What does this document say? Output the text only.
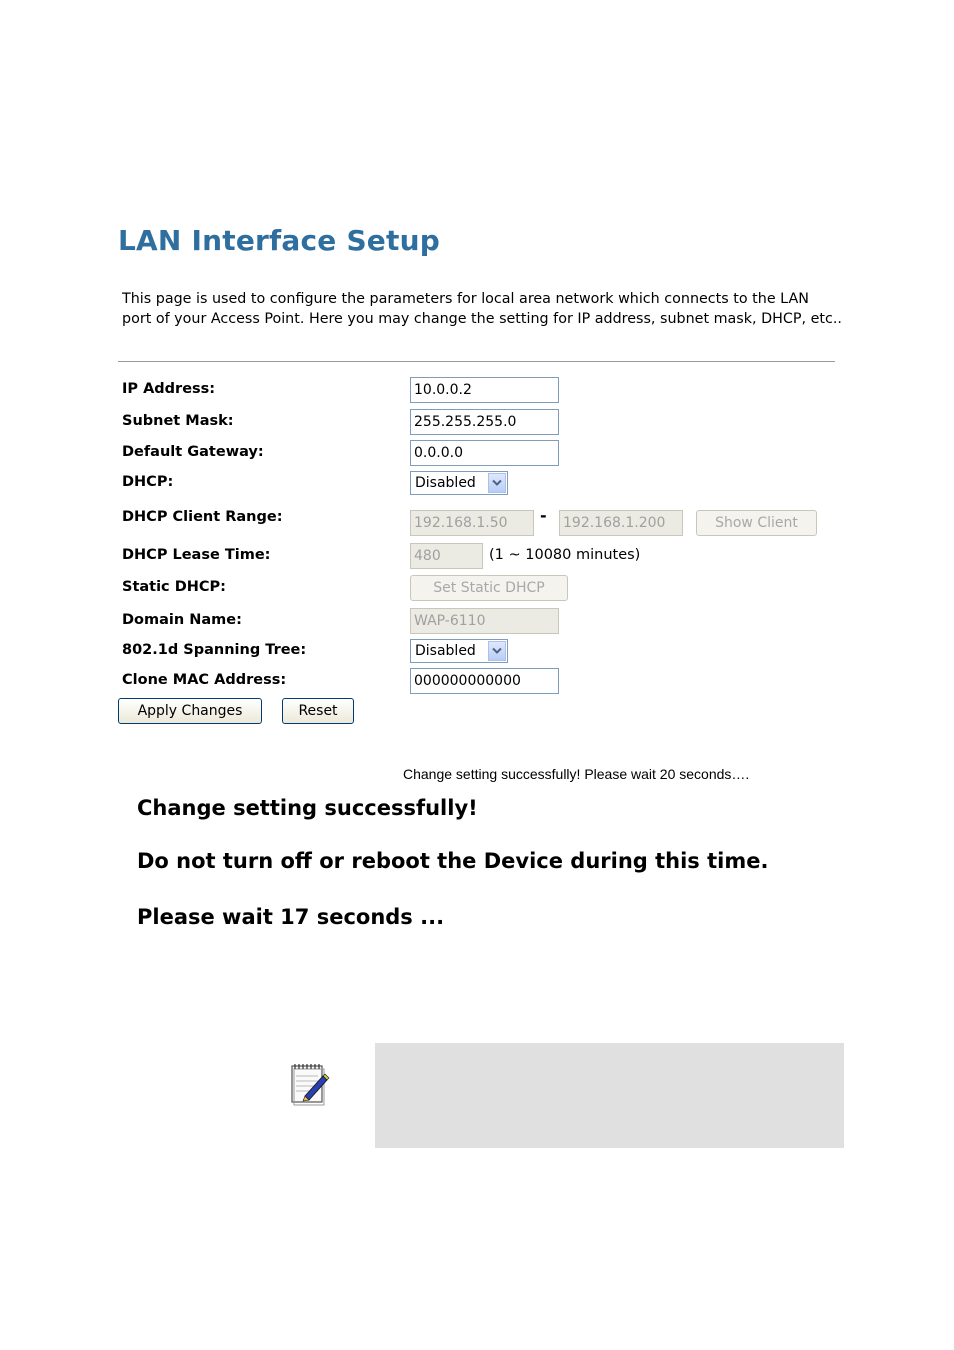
LAN Interface Setup
This page is used to configure the parameters for local area network which connects to the LAN port of your Access Point. Here you may change the setting for IP address, subnet mask, DHCP, etc..
IP Address:	10.0.0.2
Subnet Mask:	255.255.255.0
Default Gateway:	0.0.0.0
DHCP:	Disabled
DHCP Client Range:	192.168.1.50	- 192.168.1.200	Show Client
DHCP Lease Time:	480	(1 ~ 10080 minutes)
Static DHCP:	Set Static DHCP
Domain Name:	WAP-6110
802.1d Spanning Tree:	Disabled
Clone MAC Address:	000000000000
Apply Changes	Reset
Change setting successfully! Please wait 20 seconds….
Change setting successfully!
Do not turn off or reboot the Device during this time.
Please wait 17 seconds ...
